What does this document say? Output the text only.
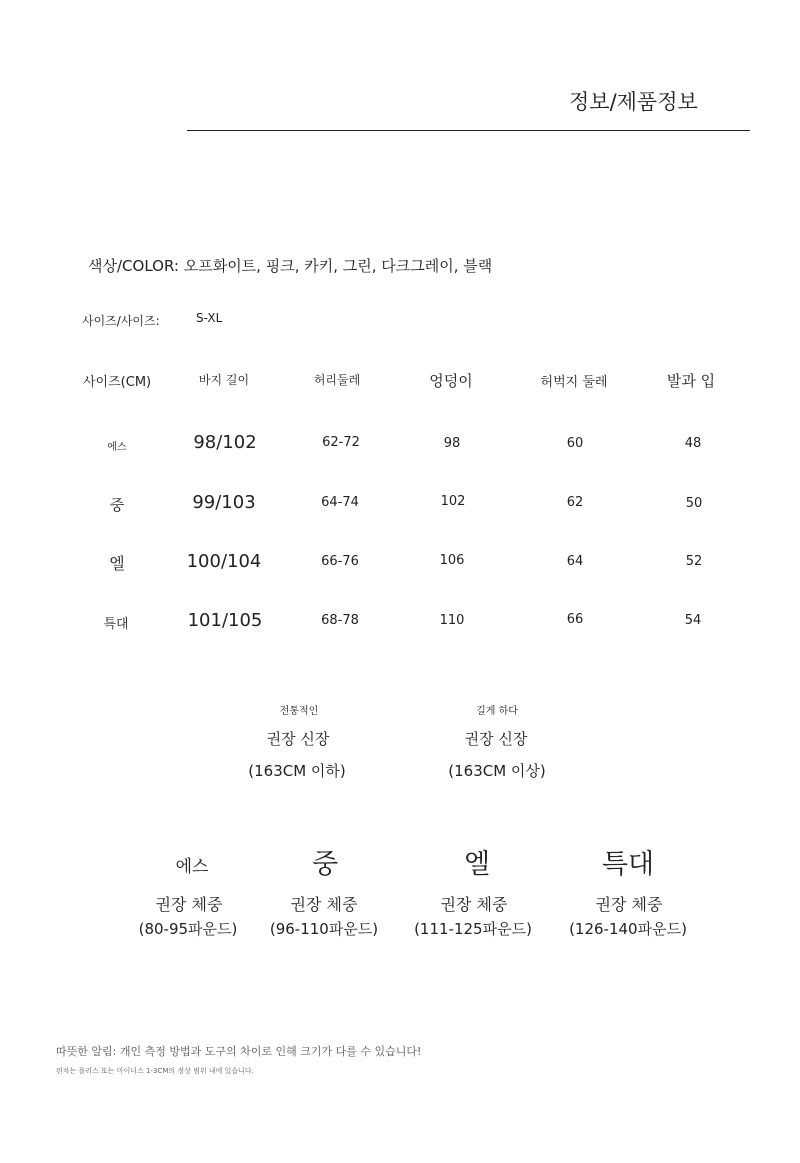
정보/제품정보
색상/COLOR: 오프화이트, 핑크, 카키, 그린, 다크그레이, 블랙
사이즈/사이즈:	S-XL
사이즈(CM)	바지 길이	허리둘레	엉덩이	허벅지 둘레	발과 입
에스	98/102	62-72	98	60	48
중	99/103	64-74	102	62	50
엘	100/104	66-76	106	64	52
특대	101/105	68-78	110	66	54
전통적인
권장 신장
(163CM 이하)
길게 하다
권장 신장
(163CM 이상)
에스
권장 체중
(80-95파운드)
중
권장 체중
(96-110파운드)
엘
권장 체중
(111-125파운드)
특대
권장 체중
(126-140파운드)
따뜻한 알림: 개인 측정 방법과 도구의 차이로 인해 크기가 다를 수 있습니다!
편차는 플러스 또는 마이너스 1-3CM의 정상 범위 내에 있습니다.
